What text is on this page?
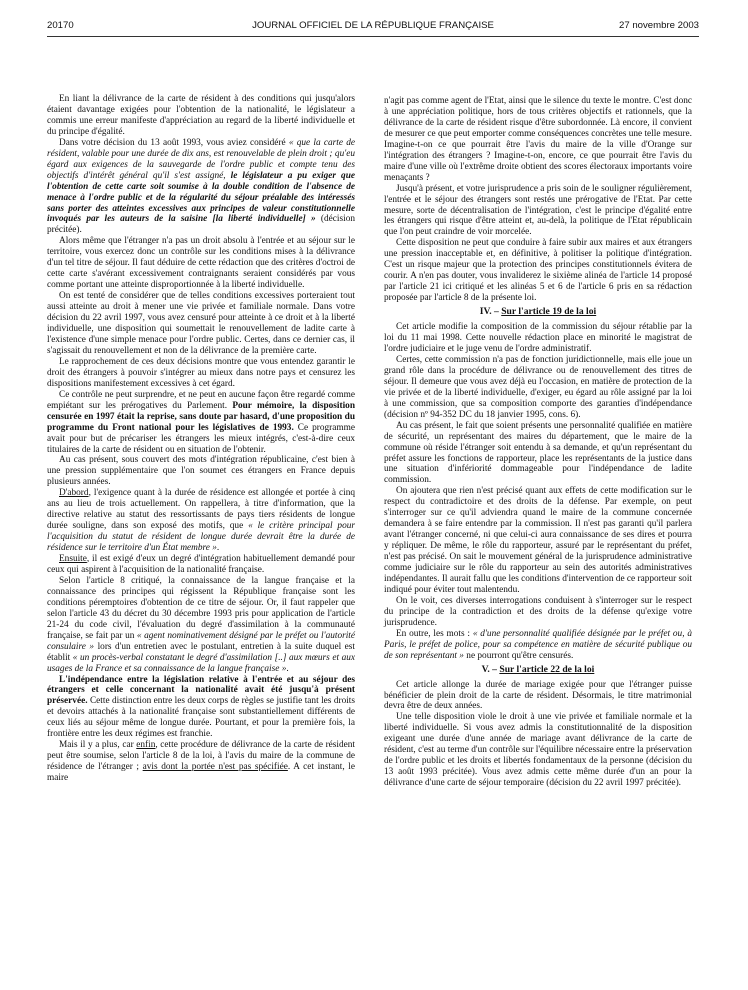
20170	JOURNAL OFFICIEL DE LA RÉPUBLIQUE FRANÇAISE	27 novembre 2003

En liant la délivrance de la carte de résident à des conditions qui jusqu'alors étaient davantage exigées pour l'obtention de la nationalité, le législateur a commis une erreur manifeste d'appréciation au regard de la liberté individuelle et du principe d'égalité.

Dans votre décision du 13 août 1993, vous aviez considéré « que la carte de résident, valable pour une durée de dix ans, est renouvelable de plein droit ; qu'eu égard aux exigences de la sauvegarde de l'ordre public et compte tenu des objectifs d'intérêt général qu'il s'est assigné, le législateur a pu exiger que l'obtention de cette carte soit soumise à la double condition de l'absence de menace à l'ordre public et de la régularité du séjour préalable des intéressés sans porter des atteintes excessives aux principes de valeur constitutionnelle invoqués par les auteurs de la saisine [la liberté individuelle] » (décision précitée).

Alors même que l'étranger n'a pas un droit absolu à l'entrée et au séjour sur le territoire, vous exercez donc un contrôle sur les conditions mises à la délivrance d'un tel titre de séjour. Il faut déduire de cette rédaction que des critères d'octroi de cette carte s'avérant excessivement contraignants seraient considérés par vous comme portant une atteinte disproportionnée à la liberté individuelle.

On est tenté de considérer que de telles conditions excessives porteraient tout aussi atteinte au droit à mener une vie privée et familiale normale. Dans votre décision du 22 avril 1997, vous avez censuré pour atteinte à ce droit et à la liberté individuelle, une disposition qui soumettait le renouvellement de ladite carte à l'existence d'une simple menace pour l'ordre public. Certes, dans ce dernier cas, il s'agissait du renouvellement et non de la délivrance de la première carte.

Le rapprochement de ces deux décisions montre que vous entendez garantir le droit des étrangers à pouvoir s'intégrer au mieux dans notre pays et censurez les dispositions manifestement excessives à cet égard.

Ce contrôle ne peut surprendre, et ne peut en aucune façon être regardé comme empiétant sur les prérogatives du Parlement. Pour mémoire, la disposition censurée en 1997 était la reprise, sans doute par hasard, d'une proposition du programme du Front national pour les législatives de 1993. Ce programme avait pour but de précariser les étrangers les mieux intégrés, c'est-à-dire ceux titulaires de la carte de résident ou en situation de l'obtenir.

Au cas présent, sous couvert des mots d'intégration républicaine, c'est bien à une pression supplémentaire que l'on soumet ces étrangers en France depuis plusieurs années.

D'abord, l'exigence quant à la durée de résidence est allongée et portée à cinq ans au lieu de trois actuellement. On rappellera, à titre d'information, que la directive relative au statut des ressortissants de pays tiers résidents de longue durée souligne, dans son exposé des motifs, que « le critère principal pour l'acquisition du statut de résident de longue durée devrait être la durée de résidence sur le territoire d'un État membre ».

Ensuite, il est exigé d'eux un degré d'intégration habituellement demandé pour ceux qui aspirent à l'acquisition de la nationalité française.

Selon l'article 8 critiqué, la connaissance de la langue française et la connaissance des principes qui régissent la République française sont les conditions péremptoires d'obtention de ce titre de séjour. Or, il faut rappeler que selon l'article 43 du décret du 30 décembre 1993 pris pour application de l'article 21-24 du code civil, l'évaluation du degré d'assimilation à la communauté française, se fait par un « agent nominativement désigné par le préfet ou l'autorité consulaire » lors d'un entretien avec le postulant, entretien à la suite duquel est établit « un procès-verbal constatant le degré d'assimilation [..] aux mœurs et aux usages de la France et sa connaissance de la langue française ».

L'indépendance entre la législation relative à l'entrée et au séjour des étrangers et celle concernant la nationalité avait été jusqu'à présent préservée. Cette distinction entre les deux corps de règles se justifie tant les droits et devoirs attachés à la nationalité française sont substantiellement différents de ceux liés au séjour même de longue durée. Pourtant, et pour la première fois, la frontière entre les deux régimes est franchie.

Mais il y a plus, car enfin, cette procédure de délivrance de la carte de résident peut être soumise, selon l'article 8 de la loi, à l'avis du maire de la commune de résidence de l'étranger ; avis dont la portée n'est pas spécifiée. A cet instant, le maire

n'agit pas comme agent de l'Etat, ainsi que le silence du texte le montre. C'est donc à une appréciation politique, hors de tous critères objectifs et rationnels, que la délivrance de la carte de résident risque d'être subordonnée. Là encore, il convient de mesurer ce que peut emporter comme conséquences concrètes une telle mesure. Imagine-t-on ce que pourrait être l'avis du maire de la ville d'Orange sur l'intégration des étrangers ? Imagine-t-on, encore, ce que pourrait être l'avis du maire d'une ville où l'extrême droite obtient des scores électoraux importants voire menaçants ?

Jusqu'à présent, et votre jurisprudence a pris soin de le souligner régulièrement, l'entrée et le séjour des étrangers sont restés une prérogative de l'Etat. Par cette mesure, sorte de décentralisation de l'intégration, c'est le principe d'égalité entre les étrangers qui risque d'être atteint et, au-delà, la politique de l'Etat républicain que l'on peut craindre de voir morcelée.

Cette disposition ne peut que conduire à faire subir aux maires et aux étrangers une pression inacceptable et, en définitive, à politiser la politique d'intégration. C'est un risque majeur que la protection des principes constitutionnels évitera de courir. A n'en pas douter, vous invaliderez le sixième alinéa de l'article 14 proposé par l'article 21 ici critiqué et les alinéas 5 et 6 de l'article 6 pris en sa rédaction proposée par l'article 8 de la présente loi.

IV. – Sur l'article 19 de la loi

Cet article modifie la composition de la commission du séjour rétablie par la loi du 11 mai 1998. Cette nouvelle rédaction place en minorité le magistrat de l'ordre judiciaire et le juge venu de l'ordre administratif.

Certes, cette commission n'a pas de fonction juridictionnelle, mais elle joue un grand rôle dans la procédure de délivrance ou de renouvellement des titres de séjour. Il demeure que vous avez déjà eu l'occasion, en matière de protection de la vie privée et de la liberté individuelle, d'exiger, eu égard au rôle assigné par la loi à une commission, que sa composition comporte des garanties d'indépendance (décision nº 94-352 DC du 18 janvier 1995, cons. 6).

Au cas présent, le fait que soient présents une personnalité qualifiée en matière de sécurité, un représentant des maires du département, que le maire de la commune où réside l'étranger soit entendu à sa demande, et qu'un représentant du préfet assure les fonctions de rapporteur, place les représentants de la justice dans une situation d'infériorité dommageable pour l'indépendance de ladite commission.

On ajoutera que rien n'est précisé quant aux effets de cette modification sur le respect du contradictoire et des droits de la défense. Par exemple, on peut s'interroger sur ce qu'il adviendra quand le maire de la commune concernée demandera à se faire entendre par la commission. Il n'est pas garanti qu'il parlera avant l'étranger concerné, ni que celui-ci aura connaissance de ses dires et pourra y répliquer. De même, le rôle du rapporteur, assuré par le représentant du préfet, n'est pas précisé. On sait le mouvement général de la jurisprudence administrative comme judiciaire sur le rôle du rapporteur au sein des autorités administratives indépendantes. Il aurait fallu que les conditions d'intervention de ce rapporteur soit indiqué pour éviter tout malentendu.

On le voit, ces diverses interrogations conduisent à s'interroger sur le respect du principe de la contradiction et des droits de la défense qu'exige votre jurisprudence.

En outre, les mots : « d'une personnalité qualifiée désignée par le préfet ou, à Paris, le préfet de police, pour sa compétence en matière de sécurité publique ou de son représentant » ne pourront qu'être censurés.

V. – Sur l'article 22 de la loi

Cet article allonge la durée de mariage exigée pour que l'étranger puisse bénéficier de plein droit de la carte de résident. Désormais, le titre matrimonial devra être de deux années.

Une telle disposition viole le droit à une vie privée et familiale normale et la liberté individuelle. Si vous avez admis la constitutionnalité de la disposition exigeant une durée d'une année de mariage avant délivrance de la carte de résident, c'est au terme d'un contrôle sur l'équilibre nécessaire entre la préservation de l'ordre public et les droits et libertés fondamentaux de la personne (décision du 13 août 1993 précitée). Vous avez admis cette même durée d'un an pour la délivrance d'une carte de séjour temporaire (décision du 22 avril 1997 précitée).
